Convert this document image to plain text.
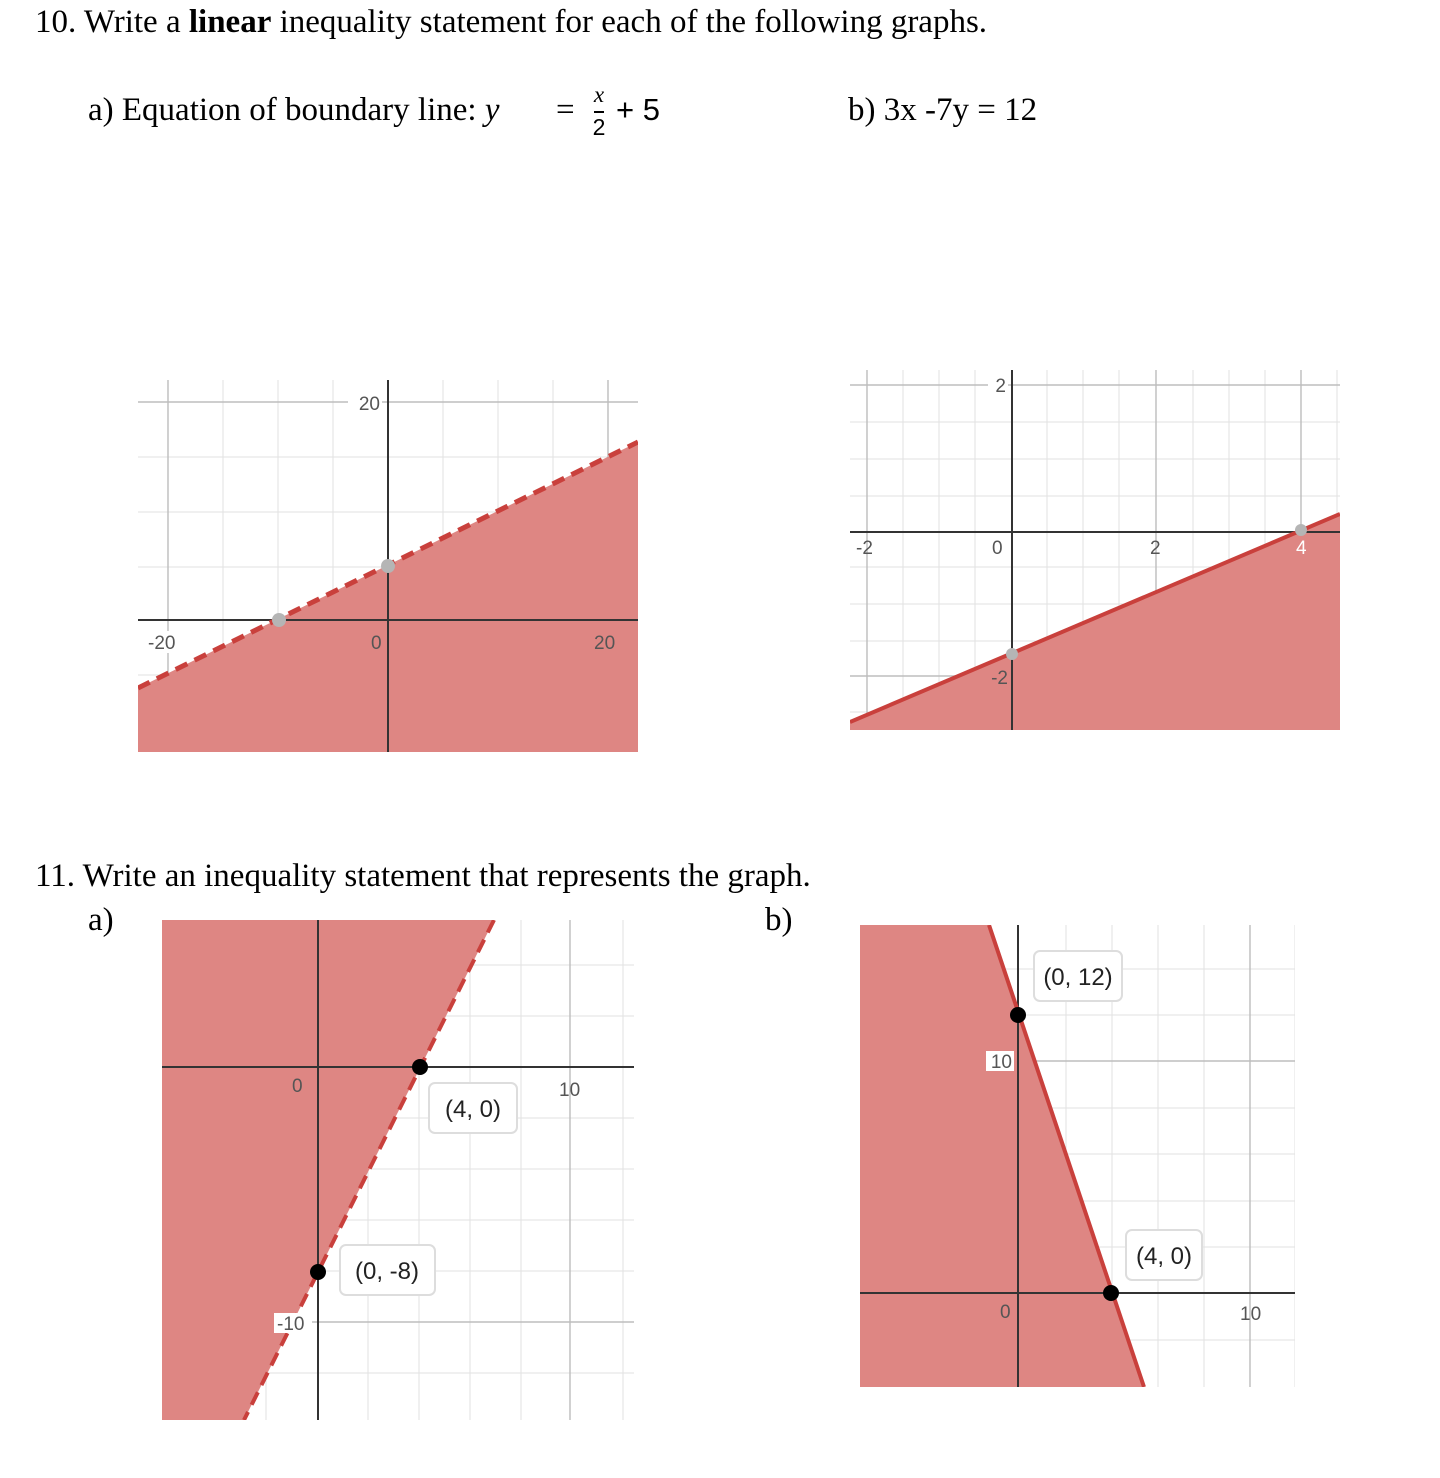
10. Write a linear inequality statement for each of the following graphs.
a) Equation of boundary line: y = x
2 + 5	b) 3x -7y = 12
20
-20	0	20
2
-2	0	2	4
-2
11. Write an inequality statement that represents the graph.
a)	b)
0	10
-10
(4, 0)
(0, -8)
10
0	10
(0, 12)
(4, 0)
